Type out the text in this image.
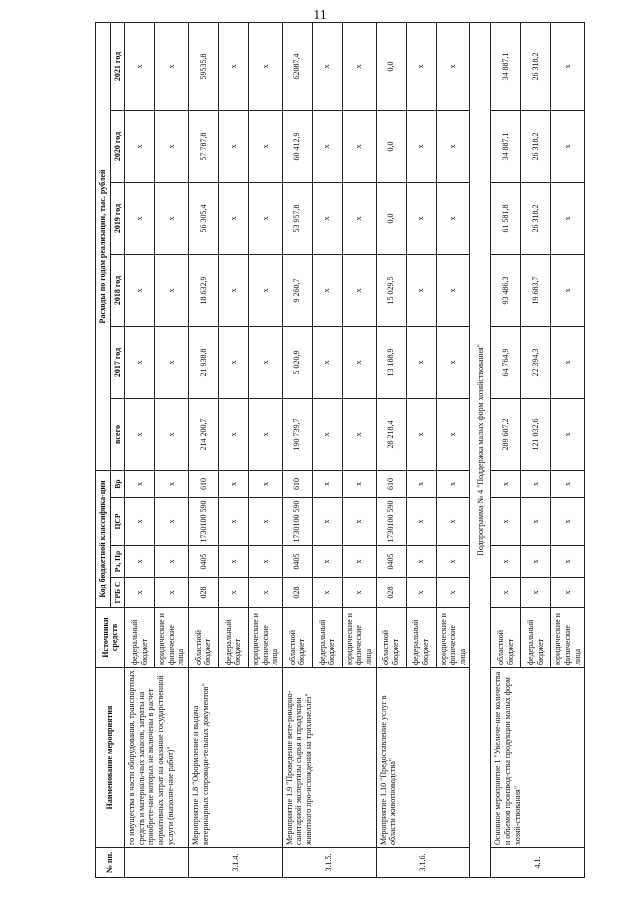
11
№ пп.	Наименование мероприятия	Источники средств	Код бюджетной классифика-ции				Расходы по годам реализации, тыс. рублей					
			ГРБ С	Рз, Пр	ЦСР	Вр	всего	2017 год	2018 год	2019 год	2020 год	2021 год
	го имущества в части оборудования, транспортных средств и материаль-ных запасов, затраты на приобрете-ние которых не включены в расчет нормативных затрат на оказание государственной услуги (выполне-ние работ)"	федеральный бюджет	x	x	x	x	x	x	x	x	x	x
		юридические и физические лица	x	x	x	x	x	x	x	x	x	x
3.1.4.	Мероприятие 1.8 "Оформление и выдача ветеринарных сопроводи-тельных документов"	областной бюджет	028	0405	1730100 590	610	214 200,7	21 938,8	18 632,9	56 305,4	57 787,8	59535,8
		федеральный бюджет	x	x	x	x	x	x	x	x	x	x
		юридические и физические лица	x	x	x	x	x	x	x	x	x	x
3.1.5.	Мероприятие 1.9 "Проведение вете-ринарно-санитарной экспертизы сырья и продукции животного про-исхождения на трихинеллёз"	областной бюджет	028	0405	1730100 590	610	190 739,7	5 020,9	9 260,7	53 957,8	60 412,9	62087,4
		федеральный бюджет	x	x	x	x	x	x	x	x	x	x
		юридические и физические лица	x	x	x	x	x	x	x	x	x	x
3.1.6.	Мероприятие 1.10 "Предоставление услуг в области животноводства"	областной бюджет	028	0405	1730100 590	610	28 218,4	13 188,9	15 029,5	0,0	0,0	0,0
		федеральный бюджет	x	x	x	x	x	x	x	x	x	x
		юридические и физические лица	x	x	x	x	x	x	x	x	x	x
Подпрограмма № 4 "Поддержка малых форм хозяйствования"												
4.1.	Основное мероприятие 1 "Увеличе-ние количества и объемов производ-ства продукции малых форм хозяй-ствования"	областной бюджет	x	x	x	x	289 607,2	64 764,9	93 486,3	61 581,8	34 887,1	34 887,1
		федеральный бюджет	x	x	x	x	121 032,6	22 394,3	19 683,7	26 318,2	26 318,2	26 318,2
		юридические и физические лица	x	x	x	x	x	x	x	x	x	x
